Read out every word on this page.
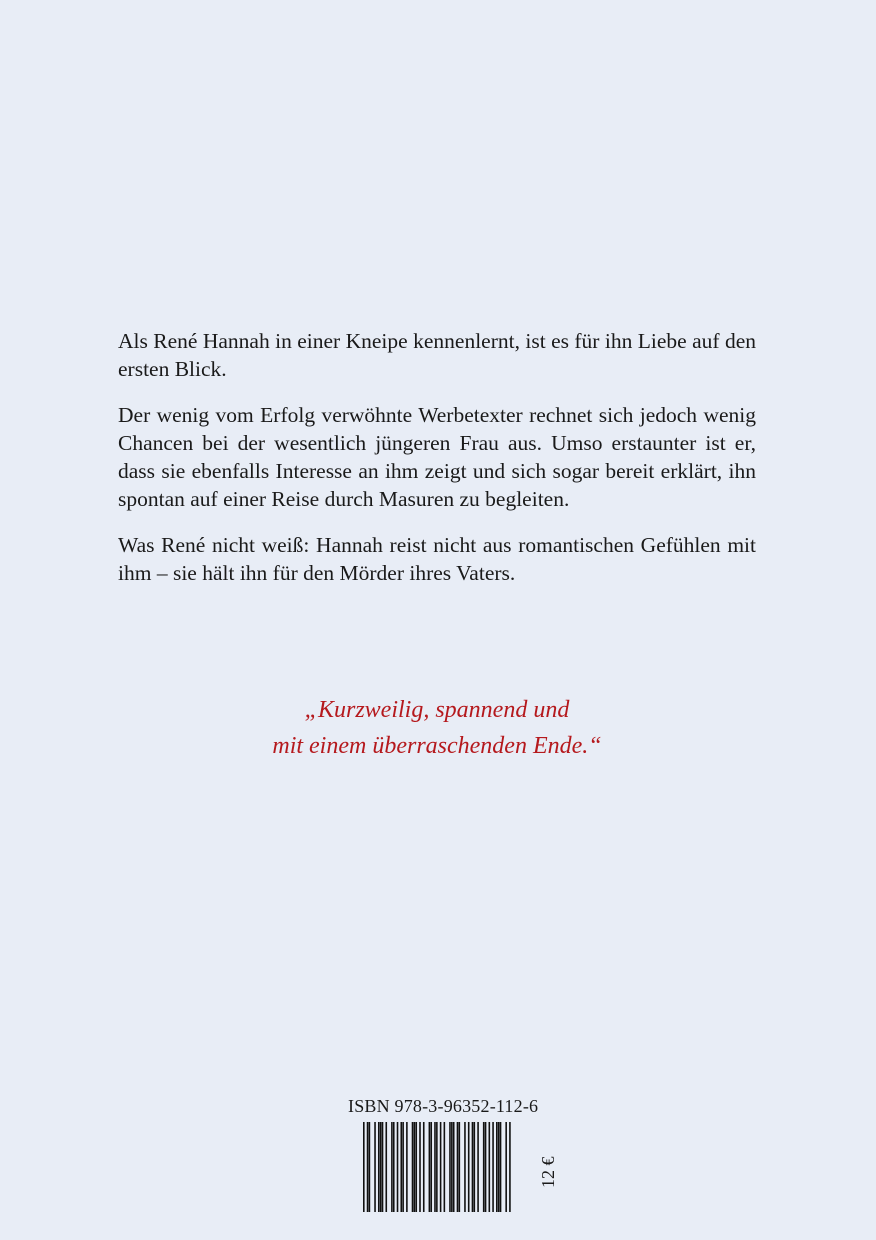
Als René Hannah in einer Kneipe kennenlernt, ist es für ihn Liebe auf den ersten Blick.

Der wenig vom Erfolg verwöhnte Werbetexter rechnet sich jedoch wenig Chancen bei der wesentlich jüngeren Frau aus. Umso erstaunter ist er, dass sie ebenfalls Interesse an ihm zeigt und sich sogar bereit erklärt, ihn spontan auf einer Reise durch Masuren zu begleiten.

Was René nicht weiß: Hannah reist nicht aus romantischen Gefühlen mit ihm – sie hält ihn für den Mörder ihres Vaters.

„Kurzweilig, spannend und
mit einem überraschenden Ende.“
ISBN 978-3-96352-112-6
12 €
